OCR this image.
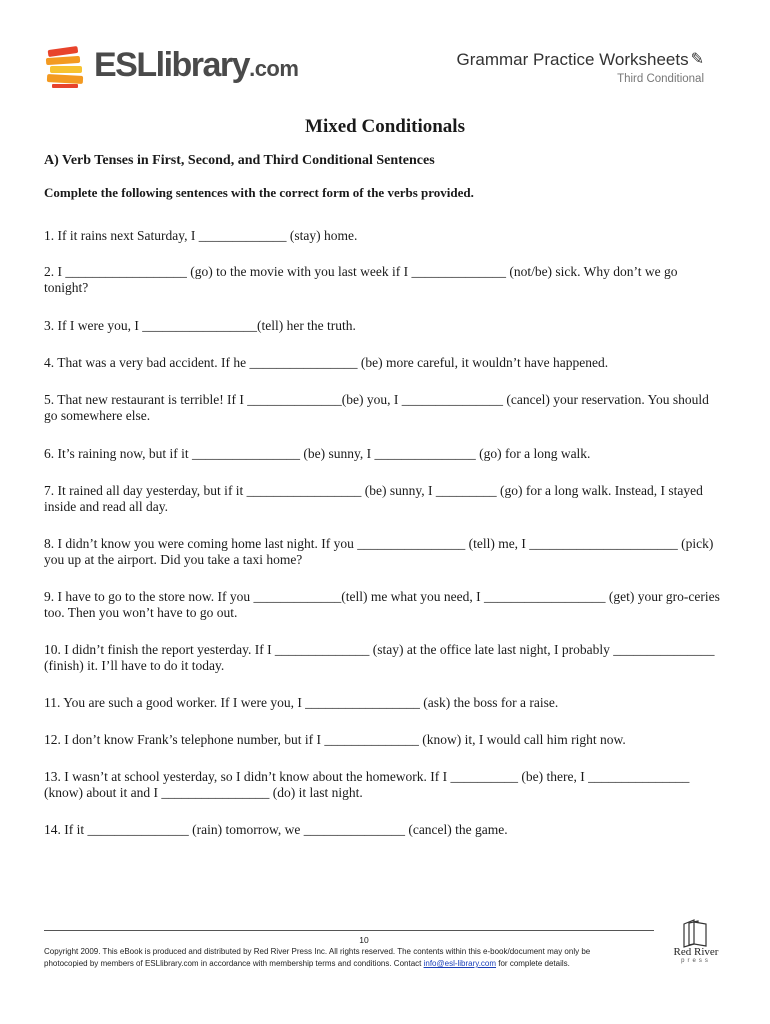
ESLlibrary.com	Grammar Practice Worksheets ✎
Third Conditional
Mixed Conditionals
A) Verb Tenses in First, Second, and Third Conditional Sentences
Complete the following sentences with the correct form of the verbs provided.
1. If it rains next Saturday, I _____________ (stay) home.
2. I __________________ (go) to the movie with you last week if I ______________ (not/be) sick. Why don’t we go tonight?
3. If I were you, I _________________(tell) her the truth.
4. That was a very bad accident. If he ________________ (be) more careful, it wouldn’t have happened.
5. That new restaurant is terrible! If I ______________(be) you, I _______________ (cancel) your reservation. You should go somewhere else.
6. It’s raining now, but if it ________________ (be) sunny, I _______________ (go) for a long walk.
7. It rained all day yesterday, but if it _________________ (be) sunny, I _________ (go) for a long walk. Instead, I stayed inside and read all day.
8. I didn’t know you were coming home last night. If you ________________ (tell) me, I ______________________ (pick) you up at the airport. Did you take a taxi home?
9. I have to go to the store now. If you _____________(tell) me what you need, I __________________ (get) your gro-ceries too. Then you won’t have to go out.
10. I didn’t finish the report yesterday. If I ______________ (stay) at the office late last night, I probably _______________ (finish) it. I’ll have to do it today.
11. You are such a good worker. If I were you, I _________________ (ask) the boss for a raise.
12. I don’t know Frank’s telephone number, but if I ______________ (know) it, I would call him right now.
13. I wasn’t at school yesterday, so I didn’t know about the homework. If I __________ (be) there, I _______________ (know) about it and I ________________ (do) it last night.
14. If it _______________ (rain) tomorrow, we _______________ (cancel) the game.
10
Copyright 2009. This eBook is produced and distributed by Red River Press Inc. All rights reserved. The contents within this e-book/document may only be
photocopied by members of ESLlibrary.com in accordance with membership terms and conditions. Contact info@esl-library.com for complete details.
Red River
press
